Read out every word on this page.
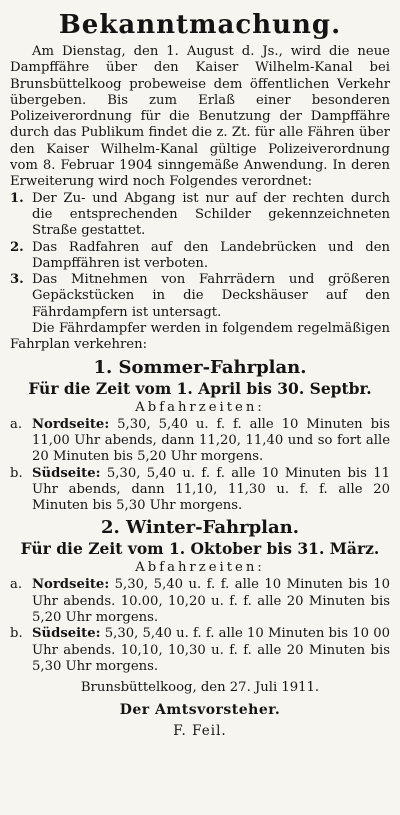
Bekanntmachung.

Am Dienstag, den 1. August d. Js., wird die neue Dampffähre über den Kaiser Wilhelm-Kanal bei Brunsbüttelkoog probeweise dem öffentlichen Verkehr übergeben. Bis zum Erlaß einer besonderen Polizeiverordnung für die Benutzung der Dampffähre durch das Publikum findet die z. Zt. für alle Fähren über den Kaiser Wilhelm-Kanal gültige Polizeiverordnung vom 8. Februar 1904 sinngemäße Anwendung. In deren Erweiterung wird noch Folgendes verordnet:

1. Der Zu- und Abgang ist nur auf der rechten durch die entsprechenden Schilder gekennzeichneten Straße gestattet.
2. Das Radfahren auf den Landebrücken und den Dampffähren ist verboten.
3. Das Mitnehmen von Fahrrädern und größeren Gepäckstücken in die Deckshäuser auf den Fährdampfern ist untersagt.

Die Fährdampfer werden in folgendem regelmäßigen Fahrplan verkehren:

1. Sommer-Fahrplan.
Für die Zeit vom 1. April bis 30. Septbr.
Abfahrzeiten:
a. Nordseite: 5,30, 5,40 u. f. f. alle 10 Minuten bis 11,00 Uhr abends, dann 11,20, 11,40 und so fort alle 20 Minuten bis 5,20 Uhr morgens.
b. Südseite: 5,30, 5,40 u. f. f. alle 10 Minuten bis 11 Uhr abends, dann 11,10, 11,30 u. f. f. alle 20 Minuten bis 5,30 Uhr morgens.
2. Winter-Fahrplan.
Für die Zeit vom 1. Oktober bis 31. März.
Abfahrzeiten:
a. Nordseite: 5,30, 5,40 u. f. f. alle 10 Minuten bis 10 Uhr abends. 10.00, 10,20 u. f. f. alle 20 Minuten bis 5,20 Uhr morgens.
b. Südseite: 5,30, 5,40 u. f. f. alle 10 Minuten bis 10 00 Uhr abends. 10,10, 10,30 u. f. f. alle 20 Minuten bis 5,30 Uhr morgens.
Brunsbüttelkoog, den 27. Juli 1911.
Der Amtsvorsteher.
F. Feil.
